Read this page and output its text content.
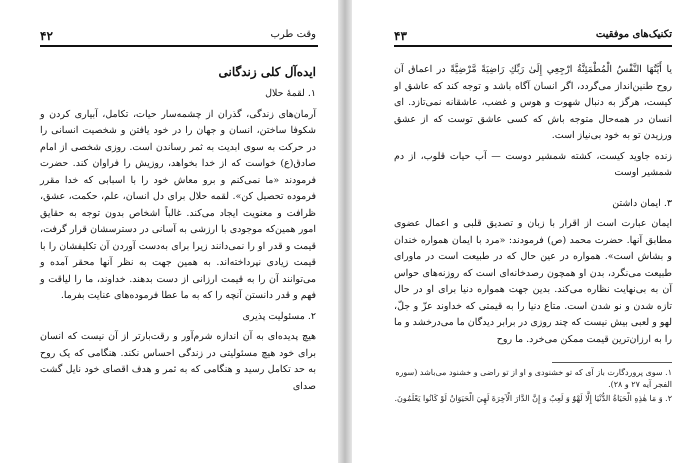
۴۲	وقت طرب

ایده‌آل کلی زندگانی

۱. لقمهٔ حلال

آرمان‌های زندگی، گذران از چشمه‌سار حیات، تکامل، آبیاری کردن و شکوفا ساختن، انسان و جهان را در خود یافتن و شخصیت انسانی را در حرکت به سوی ابدیت به ثمر رساندن است. روزی شخصی از امام صادق(ع) خواست که از خدا بخواهد، روزیش را فراوان کند. حضرت فرمودند «ما نمی‌کنم و برو معاش خود را با اسبابی که خدا مقرر فرموده تحصیل کن». لقمه حلال برای دل انسان، علم، حکمت، عشق، ظرافت و معنویت ایجاد می‌کند. غالباً اشخاص بدون توجه به حقایق امور همین‌که موجودی با ارزشی به آسانی در دسترسشان قرار گرفت، قیمت و قدر او را نمی‌دانند زیرا برای به‌دست آوردن آن تکلیفشان را با قیمت زیادی نپرداخته‌اند. به همین جهت به نظر آنها محقر آمده و می‌توانند آن را به قیمت ارزانی از دست بدهند. خداوند، ما را لیاقت و فهم و قدر دانستن آنچه را که به ما عطا فرموده‌های عنایت بفرما.

۲. مسئولیت پذیری

هیچ پدیده‌ای به آن اندازه شرم‌آور و رقت‌بارتر از آن نیست که انسان برای خود هیچ مسئولیتی در زندگی احساس نکند. هنگامی که یک روح به حد تکامل رسید و هنگامی که به ثمر و هدف اقصای خود نایل گشت صدای

۴۳	تکنیک‌های موفقیت

یا أَیَّتُهَا النَّفْسُ الْمُطْمَئِنَّةُ ارْجِعِي إِلَىٰ رَبِّكِ رَاضِيَةً مَّرْضِيَّةً در اعماق آن روح طنین‌انداز می‌گردد، اگر انسان آگاه باشد و توجه کند که عاشق او کیست، هرگز به دنبال شهوت و هوس و غضب، عاشقانه نمی‌تازد. ای انسان در همه‌حال متوجه باش که کسی عاشق توست که از عشق ورزیدن تو به خود بی‌نیاز است.

زنده جاوید کیست، کشته شمشیر دوست — آب حیات قلوب، از دم شمشیر اوست

۳. ایمان داشتن

ایمان عبارت است از اقرار با زبان و تصدیق قلبی و اعمال عضوی مطابق آنها. حضرت محمد (ص) فرمودند: «مرد با ایمان همواره خندان و بشاش است». همواره در عین حال که در طبیعت است در ماورای طبیعت می‌نگرد، بدن او همچون رصدخانه‌ای است که روزنه‌های حواس آن به بی‌نهایت نظاره می‌کند. بدین جهت همواره دنیا برای او در حال تازه شدن و نو شدن است. متاع دنیا را به قیمتی که خداوند عزّ و جلّ، لهو و لعبی بیش نیست که چند روزی در برابر دیدگان ما می‌درخشد و ما را به ارزان‌ترین قیمت ممکن می‌خرد. ما روح

۱. سوی پروردگارت باز آی که تو خشنودی و او از تو راضی و خشنود می‌باشد (سوره الفجر آیه ۲۷ و ۲۸).
۲. وَ مَا هٰذِهِ الْحَيَاةُ الدُّنْيَا إِلَّا لَهْوٌ وَ لَعِبٌ وَ إِنَّ الدَّارَ الْآخِرَةَ لَهِيَ الْحَيَوَانُ لَوْ كَانُوا يَعْلَمُونَ.
